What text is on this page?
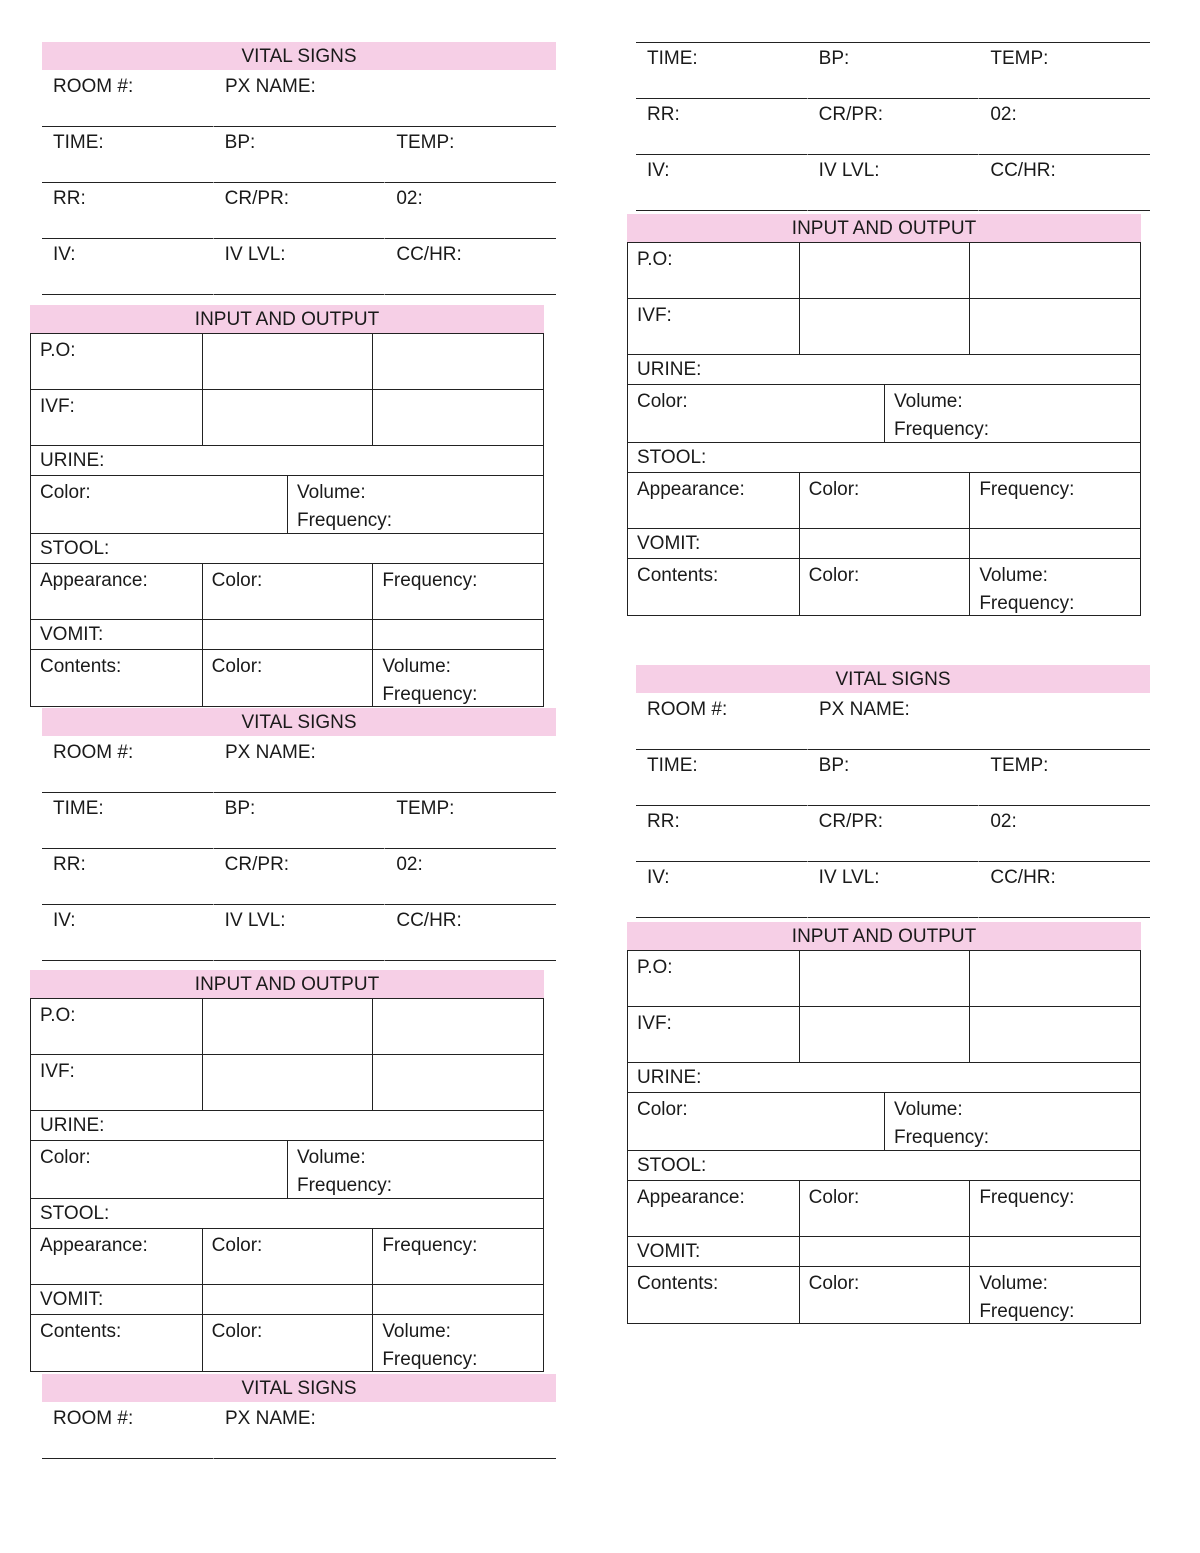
VITAL SIGNS
ROOM #:	PX NAME:
TIME:	BP:	TEMP:
RR:	CR/PR:	02:
IV:	IV LVL:	CC/HR:
INPUT AND OUTPUT
P.O:
IVF:
URINE:
Color:	Volume:
Frequency:
STOOL:
Appearance:	Color:	Frequency:
VOMIT:
Contents:	Color:	Volume:
Frequency:
VITAL SIGNS
ROOM #:	PX NAME:
TIME:	BP:	TEMP:
RR:	CR/PR:	02:
IV:	IV LVL:	CC/HR:
INPUT AND OUTPUT
P.O:
IVF:
URINE:
Color:	Volume:
Frequency:
STOOL:
Appearance:	Color:	Frequency:
VOMIT:
Contents:	Color:	Volume:
Frequency:
VITAL SIGNS
ROOM #:	PX NAME:
TIME:	BP:	TEMP:
RR:	CR/PR:	02:
IV:	IV LVL:	CC/HR:
INPUT AND OUTPUT
P.O:
IVF:
URINE:
Color:	Volume:
Frequency:
STOOL:
Appearance:	Color:	Frequency:
VOMIT:
Contents:	Color:	Volume:
Frequency:
VITAL SIGNS
ROOM #:	PX NAME:
TIME:	BP:	TEMP:
RR:	CR/PR:	02:
IV:	IV LVL:	CC/HR:
INPUT AND OUTPUT
P.O:
IVF:
URINE:
Color:	Volume:
Frequency:
STOOL:
Appearance:	Color:	Frequency:
VOMIT:
Contents:	Color:	Volume:
Frequency:
